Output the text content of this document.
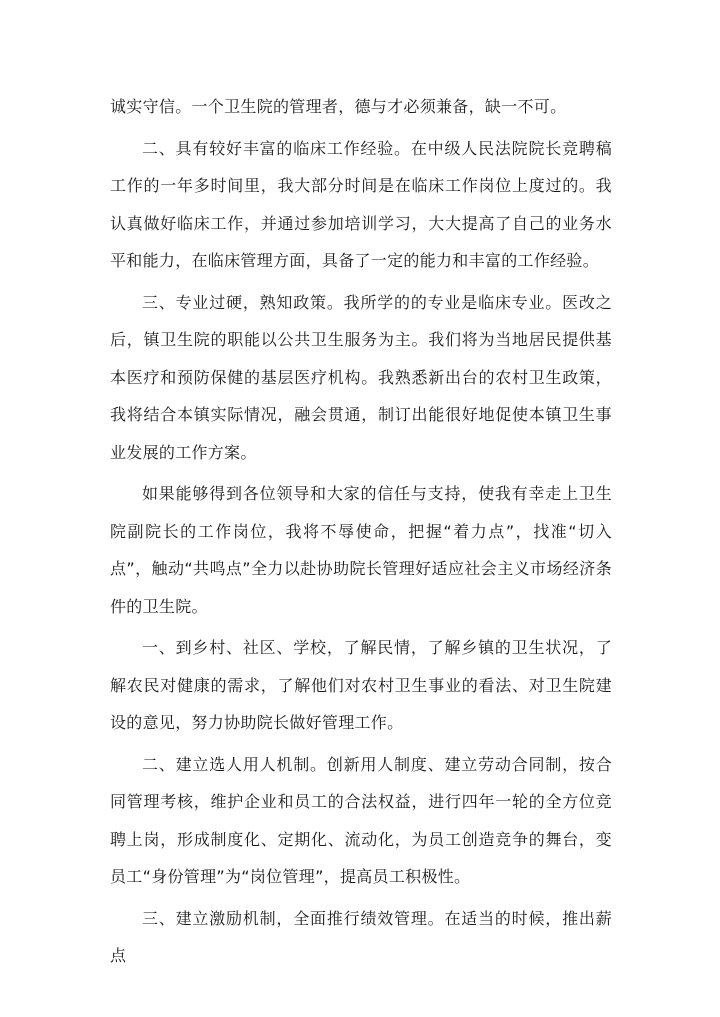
诚实守信。一个卫生院的管理者，德与才必须兼备，缺一不可。

二、具有较好丰富的临床工作经验。在中级人民法院院长竞聘稿工作的一年多时间里，我大部分时间是在临床工作岗位上度过的。我认真做好临床工作，并通过参加培训学习，大大提高了自己的业务水平和能力，在临床管理方面，具备了一定的能力和丰富的工作经验。

三、专业过硬，熟知政策。我所学的的专业是临床专业。医改之后，镇卫生院的职能以公共卫生服务为主。我们将为当地居民提供基本医疗和预防保健的基层医疗机构。我熟悉新出台的农村卫生政策，我将结合本镇实际情况，融会贯通，制订出能很好地促使本镇卫生事业发展的工作方案。

如果能够得到各位领导和大家的信任与支持，使我有幸走上卫生院副院长的工作岗位，我将不辱使命，把握“着力点”，找准“切入点”，触动“共鸣点”全力以赴协助院长管理好适应社会主义市场经济条件的卫生院。

一、到乡村、社区、学校，了解民情，了解乡镇的卫生状况，了解农民对健康的需求，了解他们对农村卫生事业的看法、对卫生院建设的意见，努力协助院长做好管理工作。

二、建立选人用人机制。创新用人制度、建立劳动合同制，按合同管理考核，维护企业和员工的合法权益，进行四年一轮的全方位竞聘上岗，形成制度化、定期化、流动化，为员工创造竞争的舞台，变员工“身份管理”为“岗位管理”，提高员工积极性。

三、建立激励机制，全面推行绩效管理。在适当的时候，推出薪点
